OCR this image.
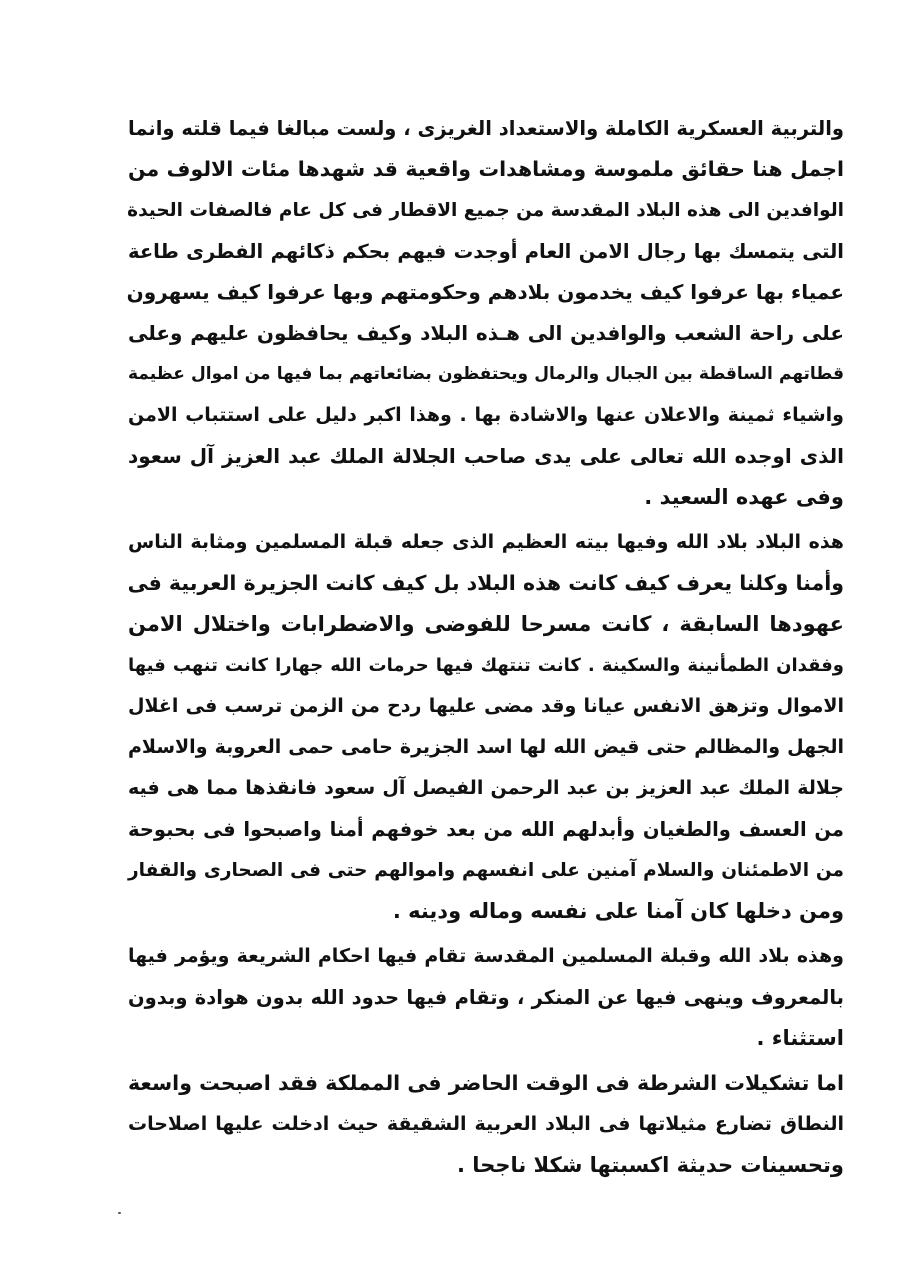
والتربية العسكرية الكاملة والاستعداد الغريزى ، ولست مبالغا فيما قلته وانما
اجمل هنا حقائق ملموسة ومشاهدات واقعية قد شهدها مئات الالوف من
الوافدين الى هذه البلاد المقدسة من جميع الاقطار فى كل عام فالصفات الحيدة
التى يتمسك بها رجال الامن العام أوجدت فيهم بحكم ذكائهم الفطرى طاعة
عمياء بها عرفوا كيف يخدمون بلادهم وحكومتهم وبها عرفوا كيف يسهرون
على راحة الشعب والوافدين الى هـذه البلاد وكيف يحافظون عليهم وعلى
قطاتهم الساقطة بين الجبال والرمال ويحتفظون بضائعاتهم بما فيها من اموال عظيمة
واشياء ثمينة والاعلان عنها والاشادة بها . وهذا اكبر دليل على استتباب الامن
الذى اوجده الله تعالى على يدى صاحب الجلالة الملك عبد العزيز آل سعود
وفى عهده السعيد .
هذه البلاد بلاد الله وفيها بيته العظيم الذى جعله قبلة المسلمين ومثابة الناس
وأمنا وكلنا يعرف كيف كانت هذه البلاد بل كيف كانت الجزيرة العربية فى
عهودها السابقة ، كانت مسرحا للفوضى والاضطرابات واختلال الامن
وفقدان الطمأنينة والسكينة . كانت تنتهك فيها حرمات الله جهارا كانت تنهب فيها
الاموال وتزهق الانفس عيانا وقد مضى عليها ردح من الزمن ترسب فى اغلال
الجهل والمظالم حتى قيض الله لها اسد الجزيرة حامى حمى العروبة والاسلام
جلالة الملك عبد العزيز بن عبد الرحمن الفيصل آل سعود فانقذها مما هى فيه
من العسف والطغيان وأبدلهم الله من بعد خوفهم أمنا واصبحوا فى بحبوحة
من الاطمئنان والسلام آمنين على انفسهم واموالهم حتى فى الصحارى والقفار
ومن دخلها كان آمنا على نفسه وماله ودينه .
وهذه بلاد الله وقبلة المسلمين المقدسة تقام فيها احكام الشريعة ويؤمر فيها
بالمعروف وينهى فيها عن المنكر ، وتقام فيها حدود الله بدون هوادة وبدون
استثناء .
اما تشكيلات الشرطة فى الوقت الحاضر فى المملكة فقد اصبحت واسعة
النطاق تضارع مثيلاتها فى البلاد العربية الشقيقة حيث ادخلت عليها اصلاحات
وتحسينات حديثة اكسبتها شكلا ناجحا .
